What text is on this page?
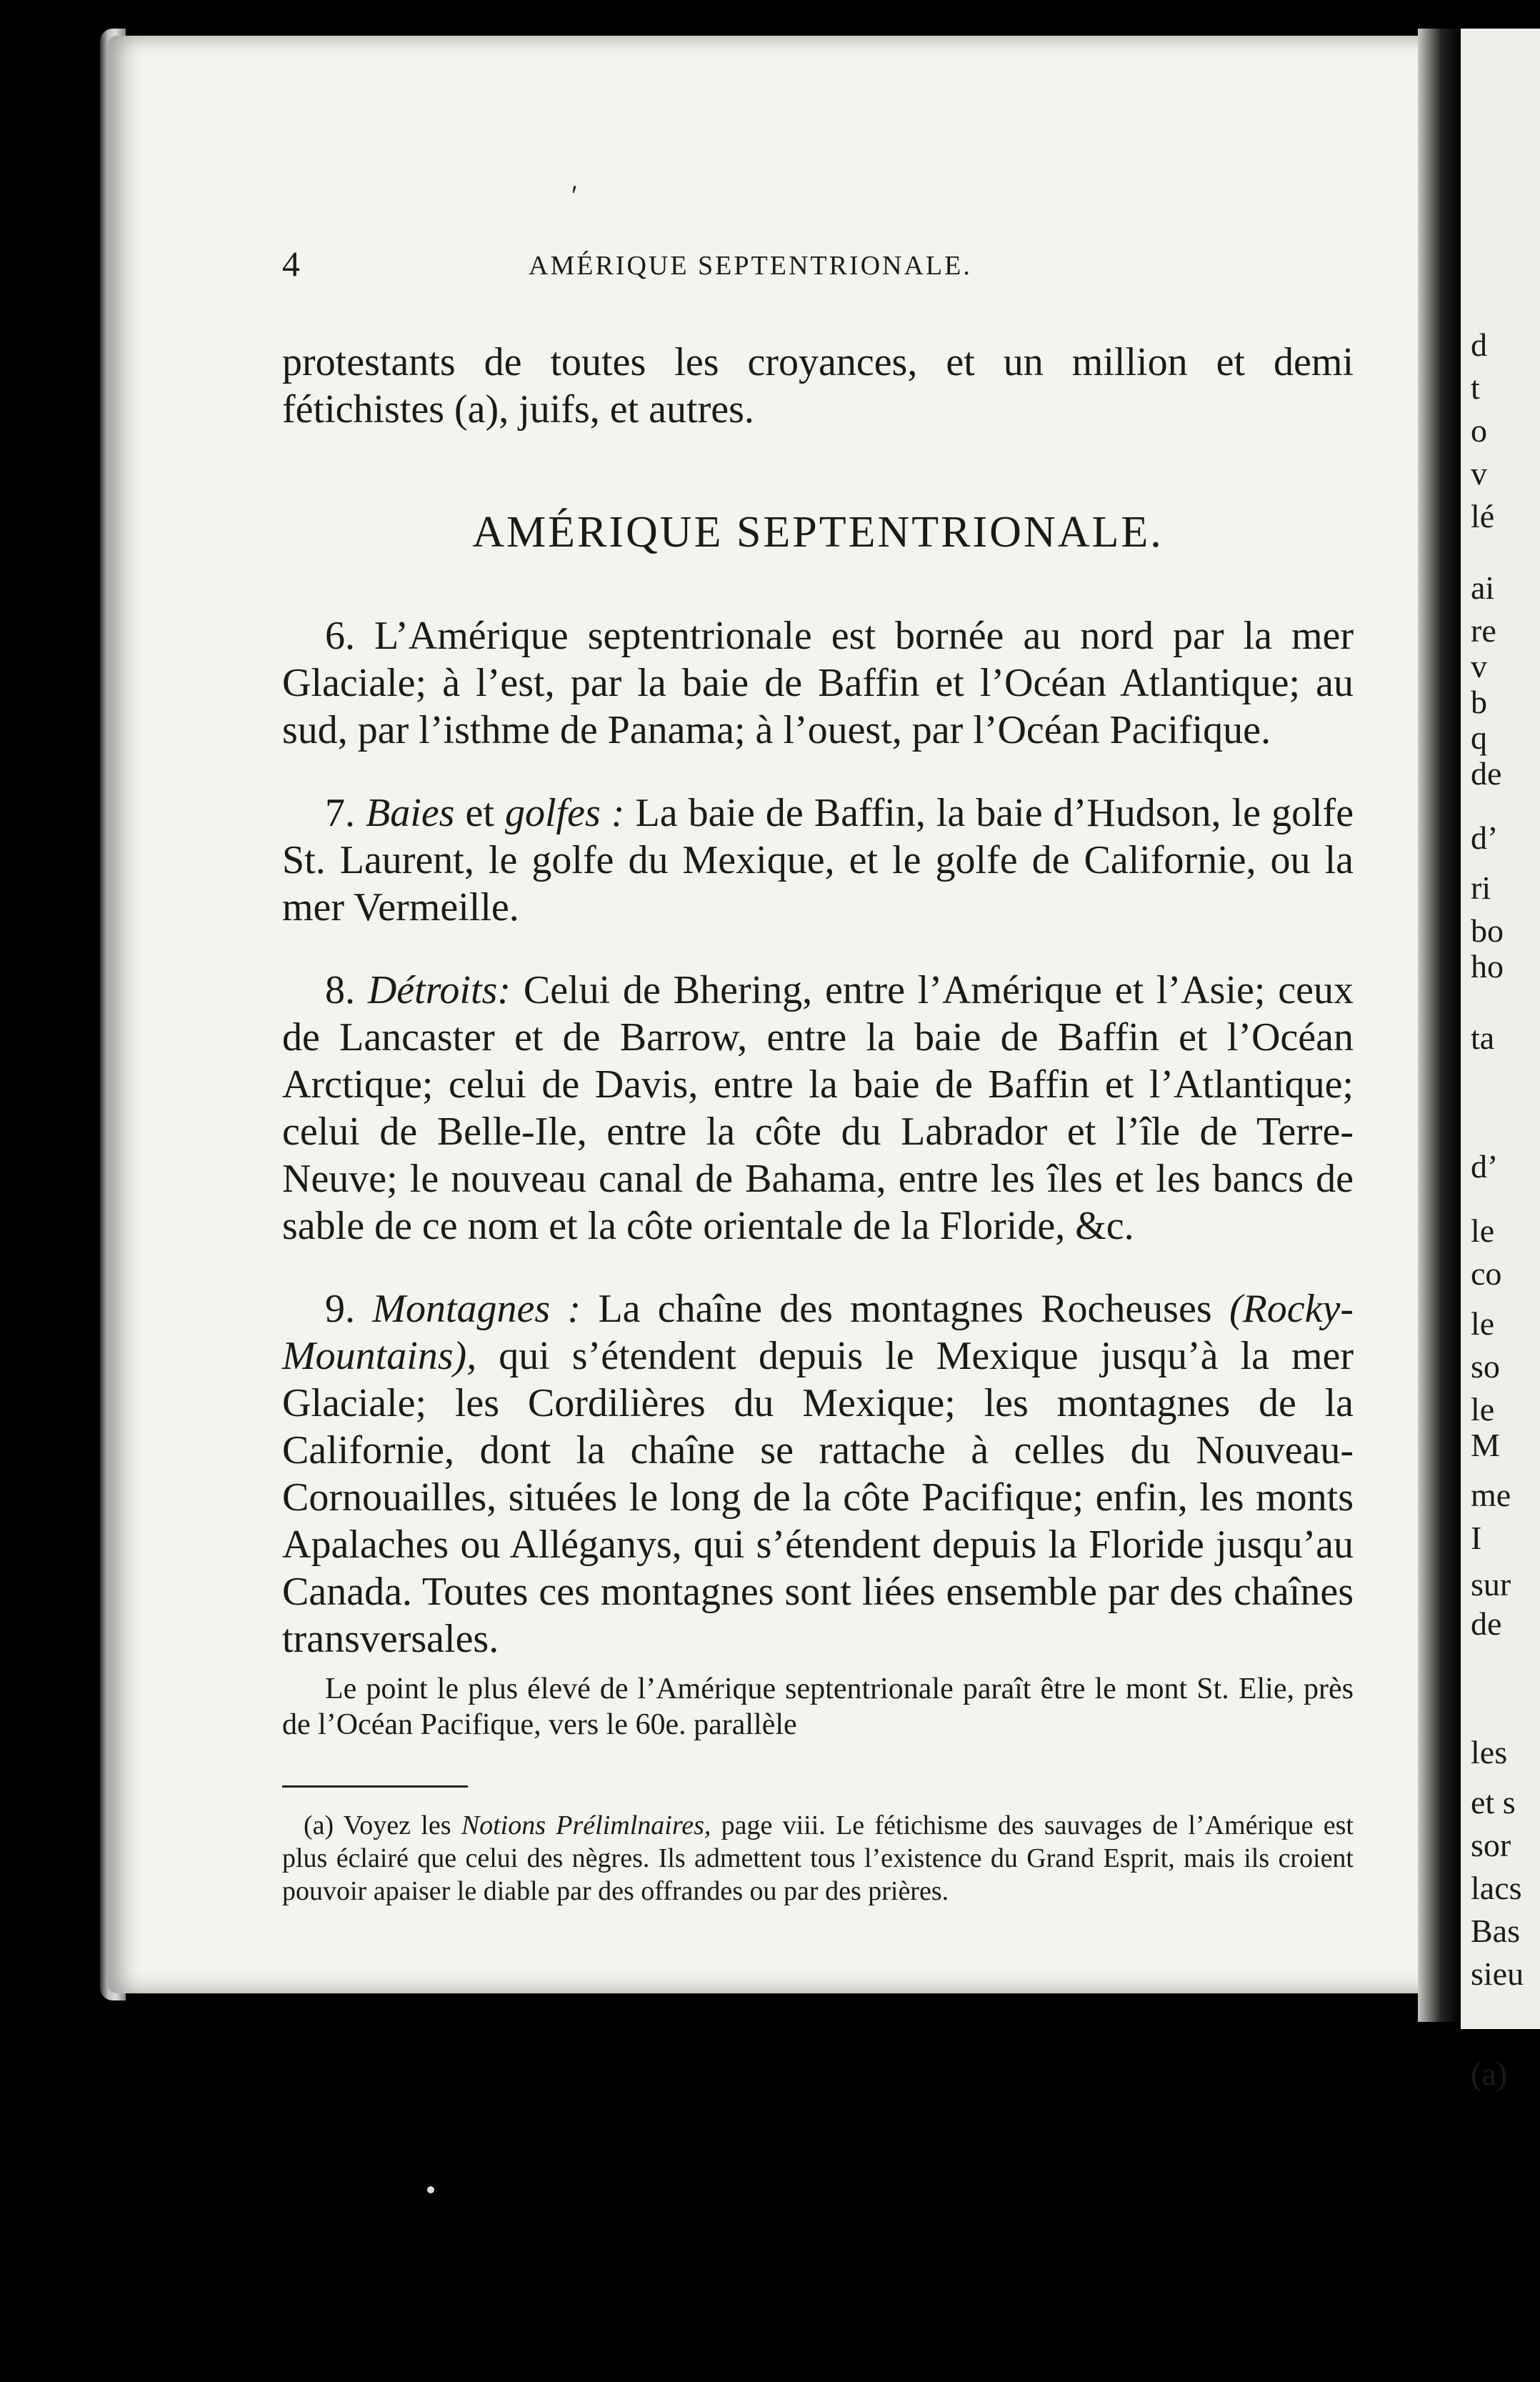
d
t
o
v
lé
ai
re
v
b
q
de
d’
ri
bo
ho
ta
d’
le
co
le
so
le
M
me
I
sur
de
les
et s
sor
lacs
Bas
sieu
(a)
′
4	AMÉRIQUE SEPTENTRIONALE.

protestants de toutes les croyances, et un million et demi fétichistes (a), juifs, et autres.

AMÉRIQUE SEPTENTRIONALE.

6. L’Amérique septentrionale est bornée au nord par la mer Glaciale; à l’est, par la baie de Baffin et l’Océan Atlantique; au sud, par l’isthme de Panama; à l’ouest, par l’Océan Pacifique.

7. Baies et golfes : La baie de Baffin, la baie d’Hudson, le golfe St. Laurent, le golfe du Mexique, et le golfe de Californie, ou la mer Vermeille.

8. Détroits: Celui de Bhering, entre l’Amérique et l’Asie; ceux de Lancaster et de Barrow, entre la baie de Baffin et l’Océan Arctique; celui de Davis, entre la baie de Baffin et l’Atlantique; celui de Belle-Ile, entre la côte du Labrador et l’île de Terre-Neuve; le nouveau canal de Bahama, entre les îles et les bancs de sable de ce nom et la côte orientale de la Floride, &c.

9. Montagnes : La chaîne des montagnes Rocheuses (Rocky-Mountains), qui s’étendent depuis le Mexique jusqu’à la mer Glaciale; les Cordilières du Mexique; les montagnes de la Californie, dont la chaîne se rattache à celles du Nouveau-Cornouailles, situées le long de la côte Pacifique; enfin, les monts Apalaches ou Alléganys, qui s’étendent depuis la Floride jusqu’au Canada. Toutes ces montagnes sont liées ensemble par des chaînes transversales.

Le point le plus élevé de l’Amérique septentrionale paraît être le mont St. Elie, près de l’Océan Pacifique, vers le 60e. parallèle

(a) Voyez les Notions Prélimlnaires, page viii. Le fétichisme des sauvages de l’Amérique est plus éclairé que celui des nègres. Ils admettent tous l’existence du Grand Esprit, mais ils croient pouvoir apaiser le diable par des offrandes ou par des prières.
